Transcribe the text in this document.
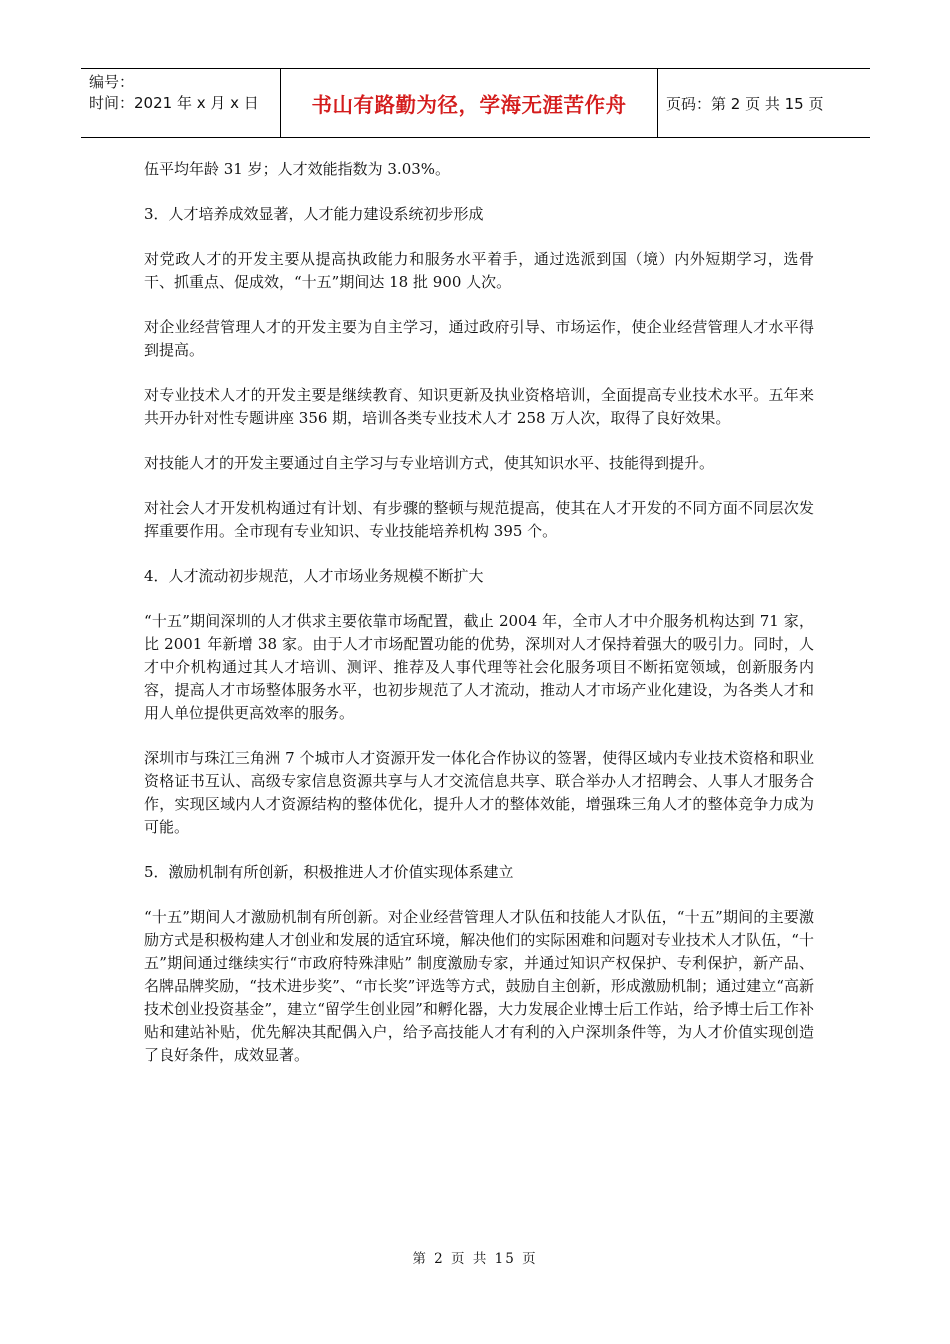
编号：
时间：2021 年 x 月 x 日	书山有路勤为径，学海无涯苦作舟	页码：第 2 页 共 15 页

伍平均年龄 31 岁；人才效能指数为 3.03%。

3．人才培养成效显著，人才能力建设系统初步形成

对党政人才的开发主要从提高执政能力和服务水平着手，通过选派到国（境）内外短期学习，选骨干、抓重点、促成效，“十五”期间达 18 批 900 人次。

对企业经营管理人才的开发主要为自主学习，通过政府引导、市场运作，使企业经营管理人才水平得到提高。

对专业技术人才的开发主要是继续教育、知识更新及执业资格培训，全面提高专业技术水平。五年来共开办针对性专题讲座 356 期，培训各类专业技术人才 258 万人次，取得了良好效果。

对技能人才的开发主要通过自主学习与专业培训方式，使其知识水平、技能得到提升。

对社会人才开发机构通过有计划、有步骤的整顿与规范提高，使其在人才开发的不同方面不同层次发挥重要作用。全市现有专业知识、专业技能培养机构 395 个。

4．人才流动初步规范，人才市场业务规模不断扩大

“十五”期间深圳的人才供求主要依靠市场配置，截止 2004 年，全市人才中介服务机构达到 71 家，比 2001 年新增 38 家。由于人才市场配置功能的优势，深圳对人才保持着强大的吸引力。同时，人才中介机构通过其人才培训、测评、推荐及人事代理等社会化服务项目不断拓宽领域，创新服务内容，提高人才市场整体服务水平，也初步规范了人才流动，推动人才市场产业化建设，为各类人才和用人单位提供更高效率的服务。

深圳市与珠江三角洲 7 个城市人才资源开发一体化合作协议的签署，使得区域内专业技术资格和职业资格证书互认、高级专家信息资源共享与人才交流信息共享、联合举办人才招聘会、人事人才服务合作，实现区域内人才资源结构的整体优化，提升人才的整体效能，增强珠三角人才的整体竞争力成为可能。

5．激励机制有所创新，积极推进人才价值实现体系建立

“十五”期间人才激励机制有所创新。对企业经营管理人才队伍和技能人才队伍，“十五”期间的主要激励方式是积极构建人才创业和发展的适宜环境，解决他们的实际困难和问题对专业技术人才队伍，“十五”期间通过继续实行“市政府特殊津贴” 制度激励专家，并通过知识产权保护、专利保护，新产品、名牌品牌奖励，“技术进步奖”、“市长奖”评选等方式，鼓励自主创新，形成激励机制；通过建立“高新技术创业投资基金”，建立“留学生创业园”和孵化器，大力发展企业博士后工作站，给予博士后工作补贴和建站补贴，优先解决其配偶入户，给予高技能人才有利的入户深圳条件等，为人才价值实现创造了良好条件，成效显著。

第 2 页 共 15 页
